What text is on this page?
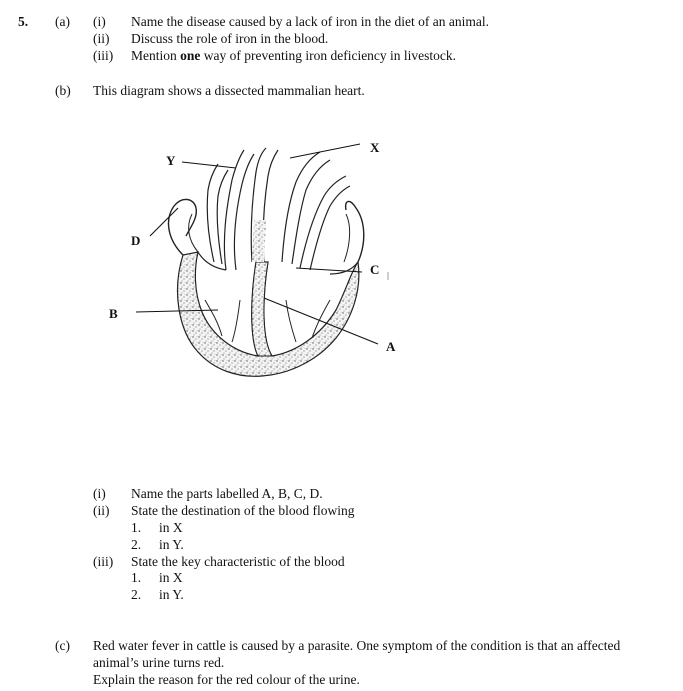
5. (a) (i) Name the disease caused by a lack of iron in the diet of an animal.
(ii) Discuss the role of iron in the blood.
(iii) Mention one way of preventing iron deficiency in livestock.
(b) This diagram shows a dissected mammalian heart.
X
Y
D
C
B
A
(i) Name the parts labelled A, B, C, D.
(ii) State the destination of the blood flowing
1. in X
2. in Y.
(iii) State the key characteristic of the blood
1. in X
2. in Y.
(c) Red water fever in cattle is caused by a parasite. One symptom of the condition is that an affected
animal’s urine turns red.
Explain the reason for the red colour of the urine.
